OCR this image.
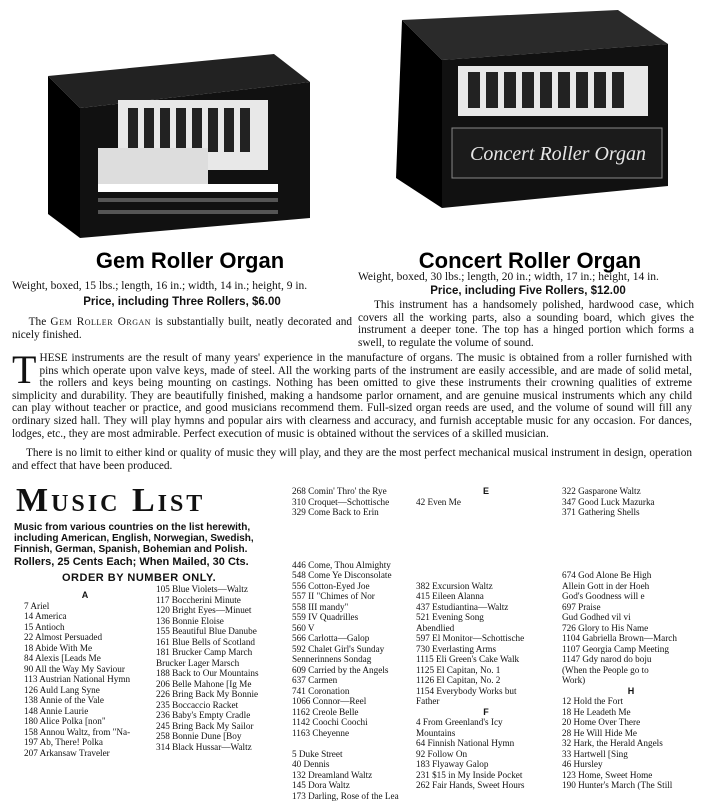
Concert Roller Organ
Gem Roller Organ
Weight, boxed, 15 lbs.; length, 16 in.; width, 14 in.; height, 9 in.
Price, including Three Rollers, $6.00
The Gem Roller Organ is substantially built, neatly decorated and nicely finished.
Concert Roller Organ
Weight, boxed, 30 lbs.; length, 20 in.; width, 17 in.; height, 14 in.
Price, including Five Rollers, $12.00
This instrument has a handsomely polished, hardwood case, which covers all the working parts, also a sounding board, which gives the instrument a deeper tone. The top has a hinged portion which forms a swell, to regulate the volume of sound.
T HESE instruments are the result of many years' experience in the manufacture of organs. The music is obtained from a roller furnished with pins which operate upon valve keys, made of steel. All the working parts of the instrument are easily accessible, and are made of solid metal, the rollers and keys being mounting on castings. Nothing has been omitted to give these instruments their crowning qualities of extreme simplicity and durability. They are beautifully finished, making a handsome parlor ornament, and are genuine musical instruments which any child can play without teacher or practice, and good musicians recommend them. Full-sized organ reeds are used, and the volume of sound will fill any ordinary sized hall. They will play hymns and popular airs with clearness and accuracy, and furnish acceptable music for any occasion. For dances, lodges, etc., they are most admirable. Perfect execution of music is obtained without the services of a skilled musician.
There is no limit to either kind or quality of music they will play, and they are the most perfect mechanical musical instrument in design, operation and effect that have been produced.
Music List
Music from various countries on the list herewith, including American, English, Norwegian, Swedish, Finnish, German, Spanish, Bohemian and Polish.
Rollers, 25 Cents Each; When Mailed, 30 Cts.
ORDER BY NUMBER ONLY.
A
7 Ariel
14 America
15 Antioch
22 Almost Persuaded
18 Abide With Me
84 Alexis [Leads Me
90 All the Way My Saviour
113 Austrian National Hymn
126 Auld Lang Syne
138 Annie of the Vale
148 Annie Laurie
180 Alice Polka [non"
158 Annou Waltz, from "Na-
197 Ab, There! Polka
207 Arkansaw Traveler
105 Blue Violets—Waltz
117 Boccherini Minute
120 Bright Eyes—Minuet
136 Bonnie Eloise
155 Beautiful Blue Danube
161 Blue Bells of Scotland
181 Brucker Camp March
Brucker Lager Marsch
188 Back to Our Mountains
206 Belle Mahone [Ig Me
226 Bring Back My Bonnie
235 Boccaccio Racket
236 Baby's Empty Cradle
245 Bring Back My Sailor
258 Bonnie Dune [Boy
314 Black Hussar—Waltz
268 Comin' Thro' the Rye
310 Croquet—Schottische
329 Come Back to Erin

446 Come, Thou Almighty
548 Come Ye Disconsolate
556 Cotton-Eyed Joe
557 II "Chimes of Nor
558 III mandy"
559 IV Quadrilles
560 V
566 Carlotta—Galop
592 Chalet Girl's Sunday
Sennerinnens Sondag
609 Carried by the Angels
637 Carmen
741 Coronation
1066 Connor—Reel
1162 Creole Belle
1142 Coochi Coochi
1163 Cheyenne

5 Duke Street
40 Dennis
132 Dreamland Waltz
145 Dora Waltz
173 Darling, Rose of the Lea
E
42 Even Me

382 Excursion Waltz
415 Eileen Alanna
437 Estudiantina—Waltz
521 Evening Song
Abendlied
597 El Monitor—Schottische
730 Everlasting Arms
1115 Eli Green's Cake Walk
1125 El Capitan, No. 1
1126 El Capitan, No. 2
1154 Everybody Works but
Father
F
4 From Greenland's Icy
Mountains
64 Finnish National Hymn
92 Follow On
183 Flyaway Galop
231 $15 in My Inside Pocket
262 Fair Hands, Sweet Hours
322 Gasparone Waltz
347 Good Luck Mazurka
371 Gathering Shells

674 God Alone Be High
Allein Gott in der Hoeh
God's Goodness will e
697 Praise
Gud Godhed vil vi
726 Glory to His Name
1104 Gabriella Brown—March
1107 Georgia Camp Meeting
1147 Gdy narod do boju
(When the People go to
Work)
H
12 Hold the Fort
18 He Leadeth Me
20 Home Over There
28 He Will Hide Me
32 Hark, the Herald Angels
33 Hartwell [Sing
46 Hursley
123 Home, Sweet Home
190 Hunter's March (The Still
